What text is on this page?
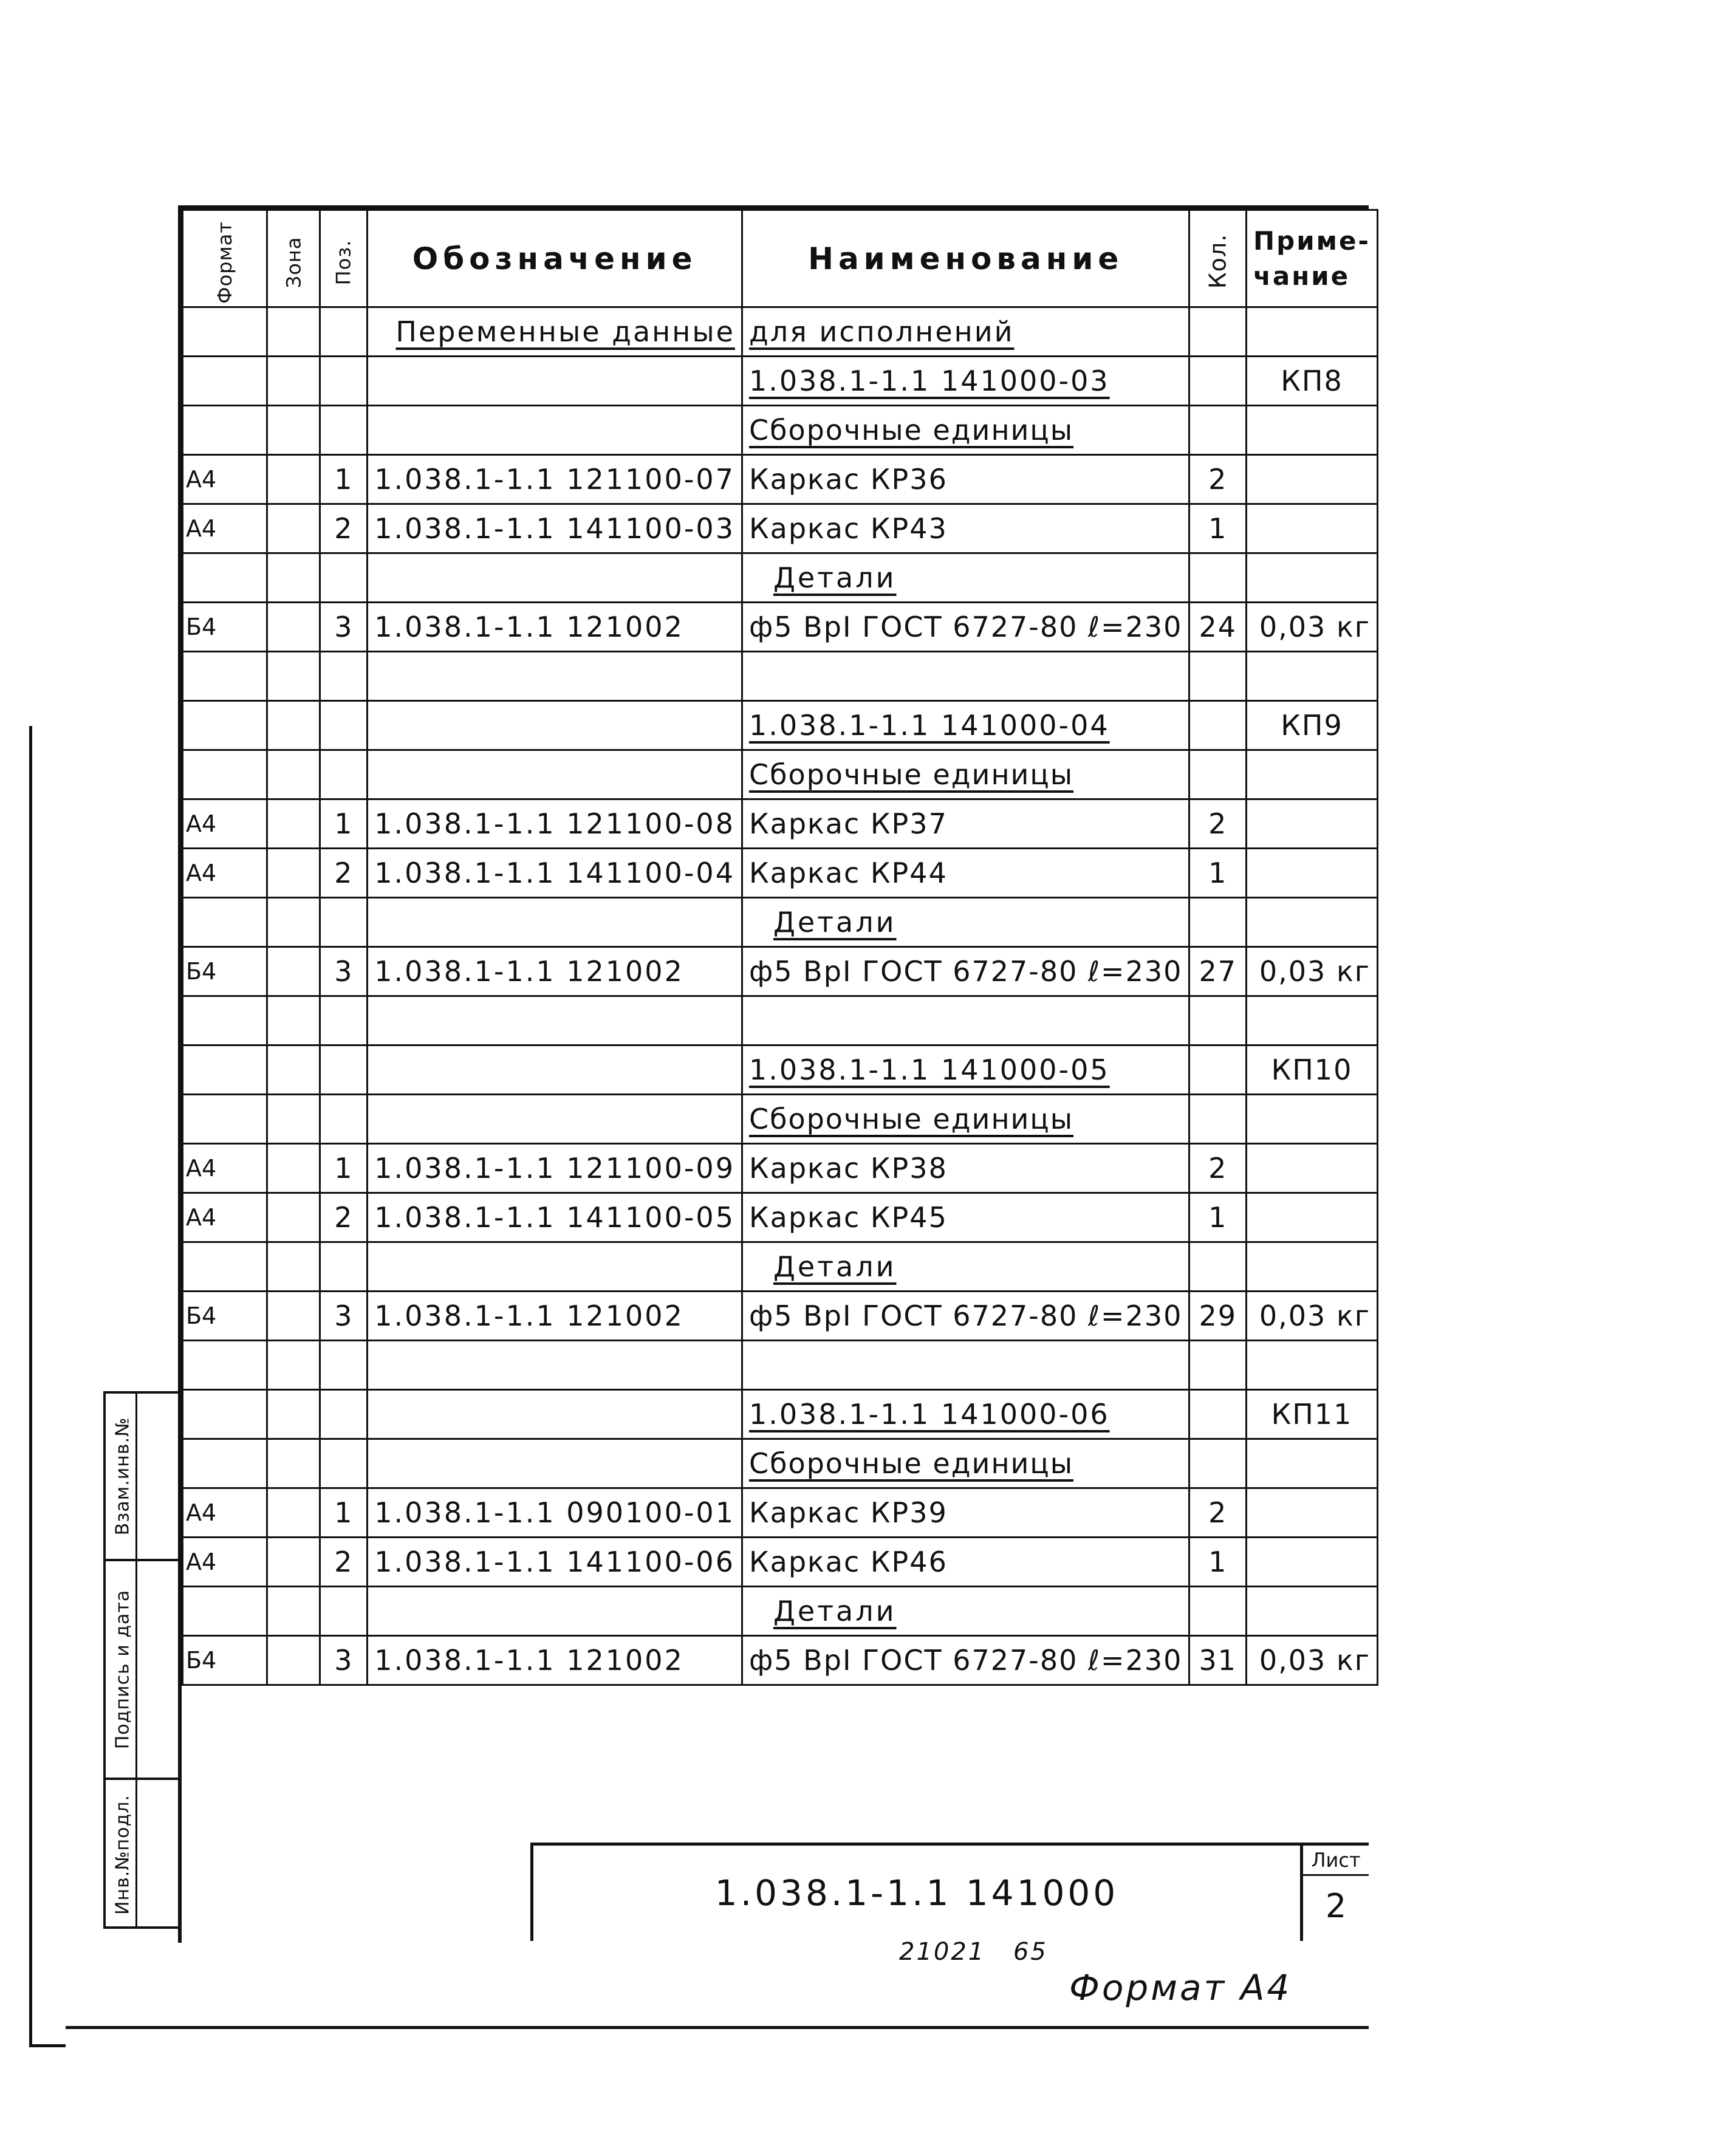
Формат	Зона	Поз.	Обозначение	Наименование	Кол.	Приме- чание
			Переменные данные	для исполнений		
				1.038.1-1.1 141000-03		КП8
				Сборочные единицы		
А4		1	1.038.1-1.1 121100-07	Каркас КР36	2	
А4		2	1.038.1-1.1 141100-03	Каркас КР43	1	
				Детали		
Б4		3	1.038.1-1.1 121002	ф5 ВрI ГОСТ 6727-80 ℓ=230	24	0,03 кг

				1.038.1-1.1 141000-04		КП9
				Сборочные единицы		
А4		1	1.038.1-1.1 121100-08	Каркас КР37	2	
А4		2	1.038.1-1.1 141100-04	Каркас КР44	1	
				Детали		
Б4		3	1.038.1-1.1 121002	ф5 ВрI ГОСТ 6727-80 ℓ=230	27	0,03 кг

				1.038.1-1.1 141000-05		КП10
				Сборочные единицы		
А4		1	1.038.1-1.1 121100-09	Каркас КР38	2	
А4		2	1.038.1-1.1 141100-05	Каркас КР45	1	
				Детали		
Б4		3	1.038.1-1.1 121002	ф5 ВрI ГОСТ 6727-80 ℓ=230	29	0,03 кг

				1.038.1-1.1 141000-06		КП11
				Сборочные единицы		
А4		1	1.038.1-1.1 090100-01	Каркас КР39	2	
А4		2	1.038.1-1.1 141100-06	Каркас КР46	1	
				Детали		
Б4		3	1.038.1-1.1 121002	ф5 ВрI ГОСТ 6727-80 ℓ=230	31	0,03 кг
Взам.инв.№
Подпись и дата
Инв.№подл.	1.038.1-1.1 141000
Лист
2
21021 65
Формат А4
